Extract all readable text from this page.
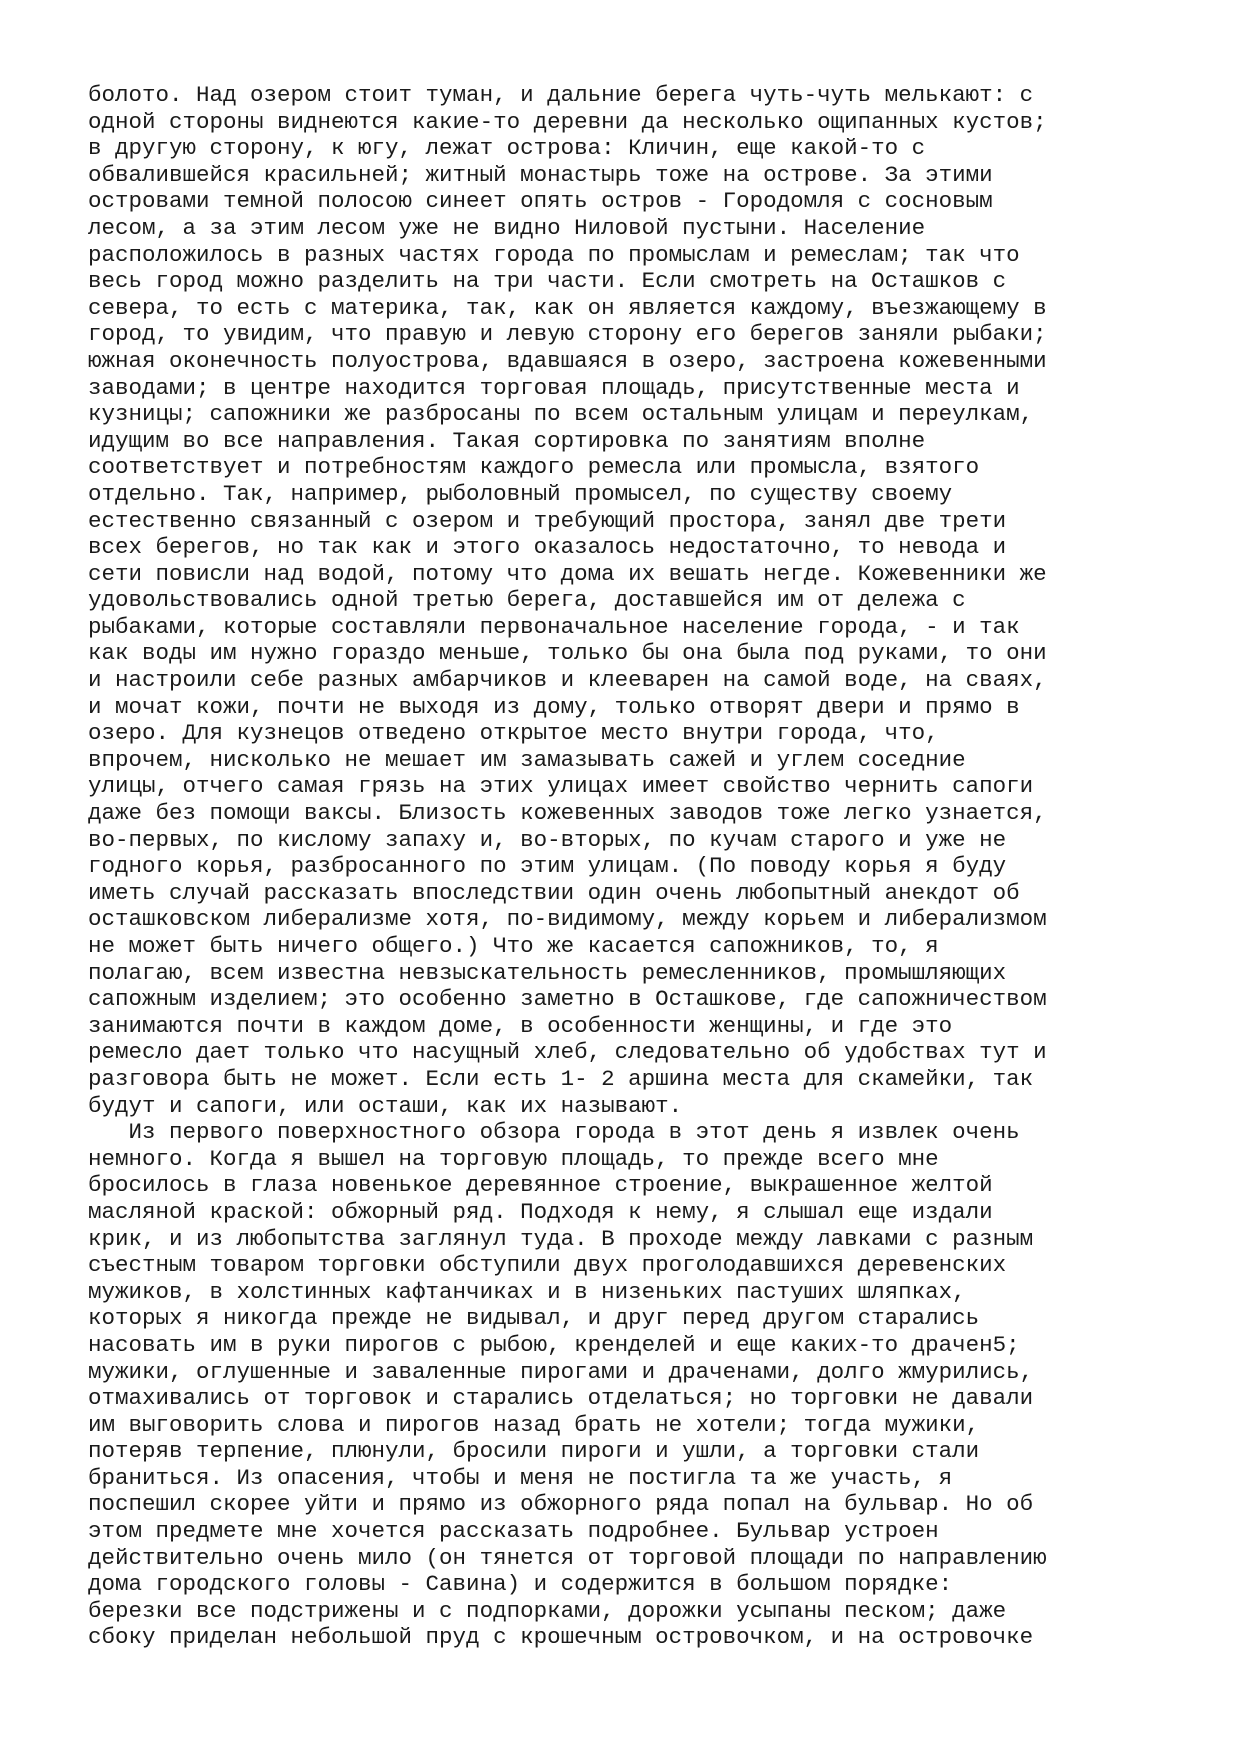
болото. Над озером стоит туман, и дальние берега чуть-чуть мелькают: с
одной стороны виднеются какие-то деревни да несколько ощипанных кустов;
в другую сторону, к югу, лежат острова: Кличин, еще какой-то с
обвалившейся красильней; житный монастырь тоже на острове. За этими
островами темной полосою синеет опять остров - Городомля с сосновым
лесом, а за этим лесом уже не видно Ниловой пустыни. Население
расположилось в разных частях города по промыслам и ремеслам; так что
весь город можно разделить на три части. Если смотреть на Осташков с
севера, то есть с материка, так, как он является каждому, въезжающему в
город, то увидим, что правую и левую сторону его берегов заняли рыбаки;
южная оконечность полуострова, вдавшаяся в озеро, застроена кожевенными
заводами; в центре находится торговая площадь, присутственные места и
кузницы; сапожники же разбросаны по всем остальным улицам и переулкам,
идущим во все направления. Такая сортировка по занятиям вполне
соответствует и потребностям каждого ремесла или промысла, взятого
отдельно. Так, например, рыболовный промысел, по существу своему
естественно связанный с озером и требующий простора, занял две трети
всех берегов, но так как и этого оказалось недостаточно, то невода и
сети повисли над водой, потому что дома их вешать негде. Кожевенники же
удовольствовались одной третью берега, доставшейся им от дележа с
рыбаками, которые составляли первоначальное население города, - и так
как воды им нужно гораздо меньше, только бы она была под руками, то они
и настроили себе разных амбарчиков и клееварен на самой воде, на сваях,
и мочат кожи, почти не выходя из дому, только отворят двери и прямо в
озеро. Для кузнецов отведено открытое место внутри города, что,
впрочем, нисколько не мешает им замазывать сажей и углем соседние
улицы, отчего самая грязь на этих улицах имеет свойство чернить сапоги
даже без помощи ваксы. Близость кожевенных заводов тоже легко узнается,
во-первых, по кислому запаху и, во-вторых, по кучам старого и уже не
годного корья, разбросанного по этим улицам. (По поводу корья я буду
иметь случай рассказать впоследствии один очень любопытный анекдот об
осташковском либерализме хотя, по-видимому, между корьем и либерализмом
не может быть ничего общего.) Что же касается сапожников, то, я
полагаю, всем известна невзыскательность ремесленников, промышляющих
сапожным изделием; это особенно заметно в Осташкове, где сапожничеством
занимаются почти в каждом доме, в особенности женщины, и где это
ремесло дает только что насущный хлеб, следовательно об удобствах тут и
разговора быть не может. Если есть 1- 2 аршина места для скамейки, так
будут и сапоги, или осташи, как их называют.
Из первого поверхностного обзора города в этот день я извлек очень
немного. Когда я вышел на торговую площадь, то прежде всего мне
бросилось в глаза новенькое деревянное строение, выкрашенное желтой
масляной краской: обжорный ряд. Подходя к нему, я слышал еще издали
крик, и из любопытства заглянул туда. В проходе между лавками с разным
съестным товаром торговки обступили двух проголодавшихся деревенских
мужиков, в холстинных кафтанчиках и в низеньких пастуших шляпках,
которых я никогда прежде не видывал, и друг перед другом старались
насовать им в руки пирогов с рыбою, кренделей и еще каких-то драчен5;
мужики, оглушенные и заваленные пирогами и драченами, долго жмурились,
отмахивались от торговок и старались отделаться; но торговки не давали
им выговорить слова и пирогов назад брать не хотели; тогда мужики,
потеряв терпение, плюнули, бросили пироги и ушли, а торговки стали
браниться. Из опасения, чтобы и меня не постигла та же участь, я
поспешил скорее уйти и прямо из обжорного ряда попал на бульвар. Но об
этом предмете мне хочется рассказать подробнее. Бульвар устроен
действительно очень мило (он тянется от торговой площади по направлению
дома городского головы - Савина) и содержится в большом порядке:
березки все подстрижены и с подпорками, дорожки усыпаны песком; даже
сбоку приделан небольшой пруд с крошечным островочком, и на островочке
